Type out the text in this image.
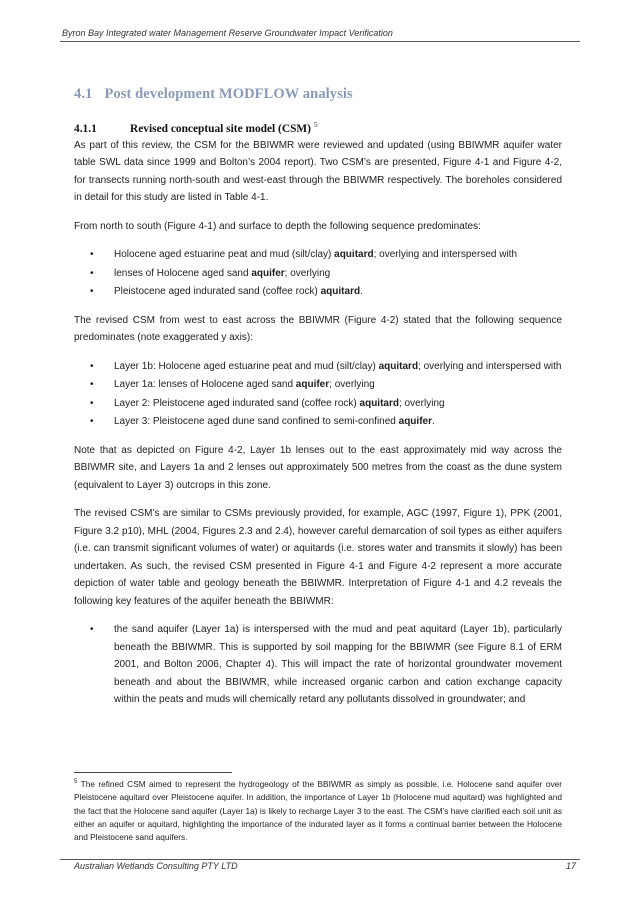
Byron Bay Integrated water Management Reserve Groundwater Impact Verification
4.1 Post development MODFLOW analysis
4.1.1	Revised conceptual site model (CSM) $^5$

As part of this review, the CSM for the BBIWMR were reviewed and updated (using BBIWMR aquifer water table SWL data since 1999 and Bolton’s 2004 report). Two CSM’s are presented, Figure 4-1 and Figure 4-2, for transects running north-south and west-east through the BBIWMR respectively. The boreholes considered in detail for this study are listed in Table 4-1.

From north to south (Figure 4-1) and surface to depth the following sequence predominates:

• Holocene aged estuarine peat and mud (silt/clay) aquitard; overlying and interspersed with
• lenses of Holocene aged sand aquifer; overlying
• Pleistocene aged indurated sand (coffee rock) aquitard.

The revised CSM from west to east across the BBIWMR (Figure 4-2) stated that the following sequence predominates (note exaggerated y axis):

• Layer 1b: Holocene aged estuarine peat and mud (silt/clay) aquitard; overlying and interspersed with
• Layer 1a: lenses of Holocene aged sand aquifer; overlying
• Layer 2: Pleistocene aged indurated sand (coffee rock) aquitard; overlying
• Layer 3: Pleistocene aged dune sand confined to semi-confined aquifer.

Note that as depicted on Figure 4-2, Layer 1b lenses out to the east approximately mid way across the BBIWMR site, and Layers 1a and 2 lenses out approximately 500 metres from the coast as the dune system (equivalent to Layer 3) outcrops in this zone.

The revised CSM’s are similar to CSMs previously provided, for example, AGC (1997, Figure 1), PPK (2001, Figure 3.2 p10), MHL (2004, Figures 2.3 and 2.4), however careful demarcation of soil types as either aquifers (i.e. can transmit significant volumes of water) or aquitards (i.e. stores water and transmits it slowly) has been undertaken. As such, the revised CSM presented in Figure 4-1 and Figure 4-2 represent a more accurate depiction of water table and geology beneath the BBIWMR. Interpretation of Figure 4-1 and 4.2 reveals the following key features of the aquifer beneath the BBIWMR:

• the sand aquifer (Layer 1a) is interspersed with the mud and peat aquitard (Layer 1b), particularly beneath the BBIWMR. This is supported by soil mapping for the BBIWMR (see Figure 8.1 of ERM 2001, and Bolton 2006, Chapter 4). This will impact the rate of horizontal groundwater movement beneath and about the BBIWMR, while increased organic carbon and cation exchange capacity within the peats and muds will chemically retard any pollutants dissolved in groundwater; and
$^5$ The refined CSM aimed to represent the hydrogeology of the BBIWMR as simply as possible, i.e. Holocene sand aquifer over Pleistocene aquitard over Pleistocene aquifer. In addition, the importance of Layer 1b (Holocene mud aquitard) was highlighted and the fact that the Holocene sand aquifer (Layer 1a) is likely to recharge Layer 3 to the east. The CSM’s have clarified each soil unit as either an aquifer or aquitard, highlighting the importance of the indurated layer as it forms a continual barrier between the Holocene and Pleistocene sand aquifers.
Australian Wetlands Consulting PTY LTD	17
